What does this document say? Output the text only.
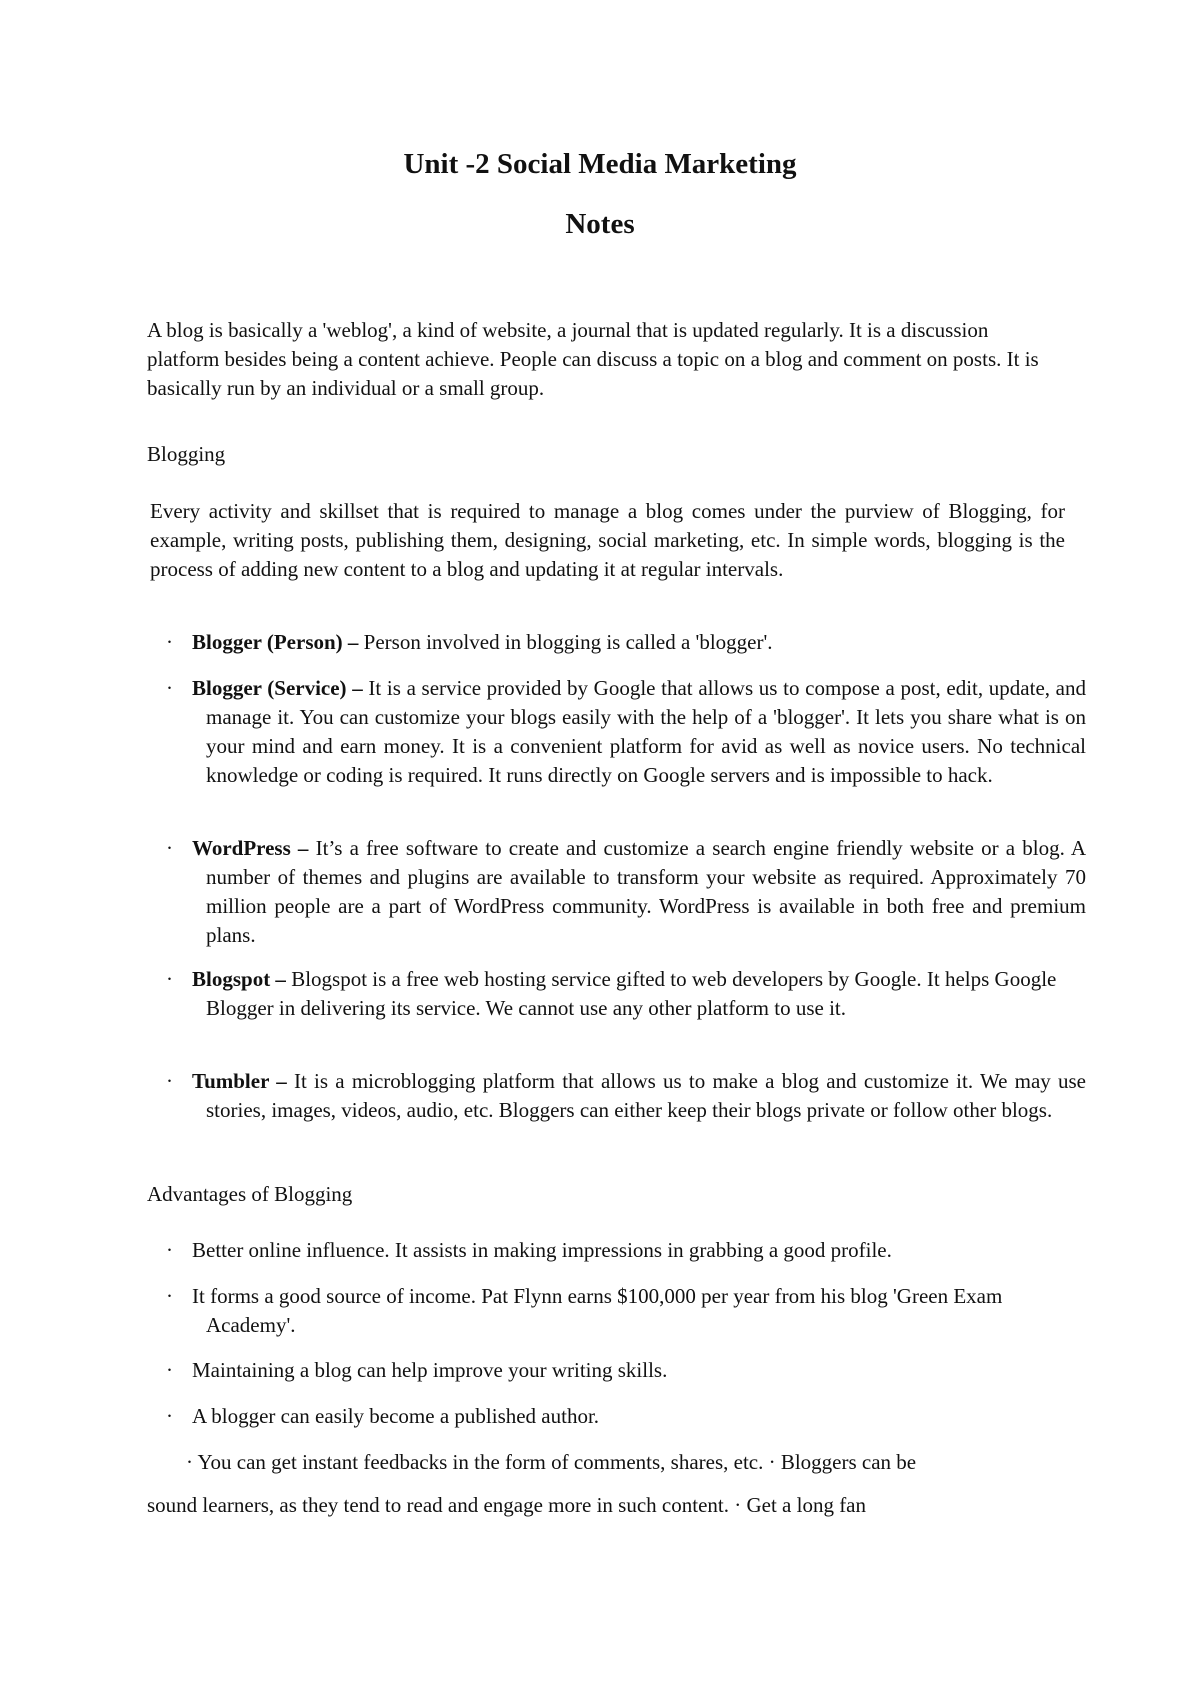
Unit -2 Social Media Marketing
Notes

A blog is basically a 'weblog', a kind of website, a journal that is updated regularly. It is a discussion platform besides being a content achieve. People can discuss a topic on a blog and comment on posts. It is basically run by an individual or a small group.

Blogging

Every activity and skillset that is required to manage a blog comes under the purview of Blogging, for example, writing posts, publishing them, designing, social marketing, etc. In simple words, blogging is the process of adding new content to a blog and updating it at regular intervals.

· Blogger (Person) – Person involved in blogging is called a 'blogger'.

· Blogger (Service) – It is a service provided by Google that allows us to compose a post, edit, update, and manage it. You can customize your blogs easily with the help of a 'blogger'. It lets you share what is on your mind and earn money. It is a convenient platform for avid as well as novice users. No technical knowledge or coding is required. It runs directly on Google servers and is impossible to hack.

· WordPress – It’s a free software to create and customize a search engine friendly website or a blog. A number of themes and plugins are available to transform your website as required. Approximately 70 million people are a part of WordPress community. WordPress is available in both free and premium plans.

· Blogspot – Blogspot is a free web hosting service gifted to web developers by Google. It helps Google Blogger in delivering its service. We cannot use any other platform to use it.

· Tumbler – It is a microblogging platform that allows us to make a blog and customize it. We may use stories, images, videos, audio, etc. Bloggers can either keep their blogs private or follow other blogs.

Advantages of Blogging

· Better online influence. It assists in making impressions in grabbing a good profile.

· It forms a good source of income. Pat Flynn earns $100,000 per year from his blog 'Green Exam Academy'.

· Maintaining a blog can help improve your writing skills.

· A blogger can easily become a published author.

· You can get instant feedbacks in the form of comments, shares, etc. · Bloggers can be

sound learners, as they tend to read and engage more in such content. · Get a long fan
